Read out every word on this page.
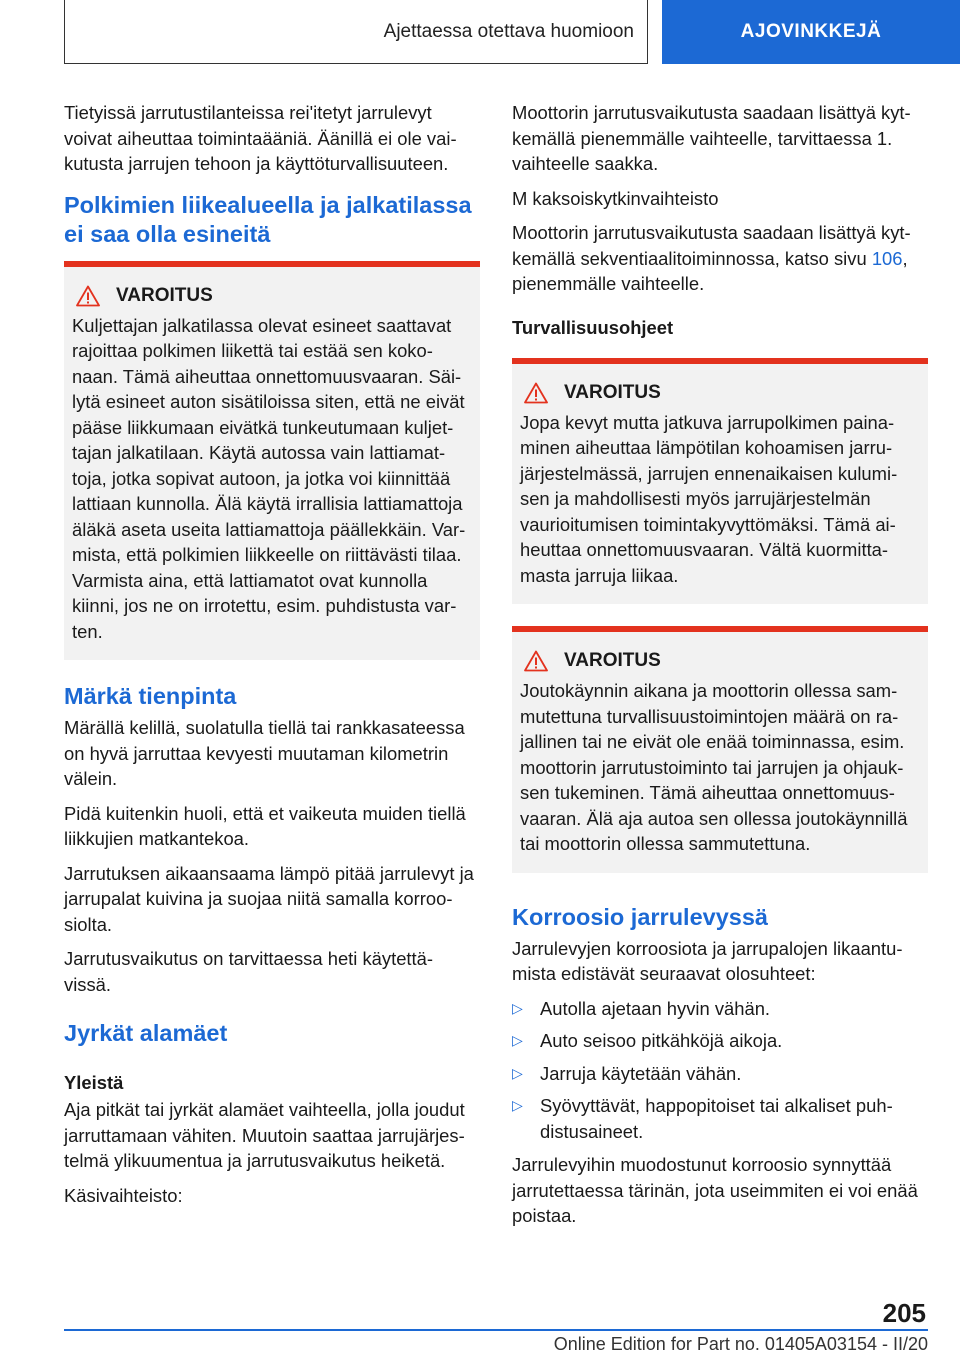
Ajettaessa otettava huomioon	AJOVINKKEJÄ

Tietyissä jarrutustilanteissa rei'itetyt jarrulevyt voivat aiheuttaa toimintaääniä. Äänillä ei ole vai-kutusta jarrujen tehoon ja käyttöturvallisuuteen.

Polkimien liikealueella ja jalkatilassa ei saa olla esineitä
VAROITUS

Kuljettajan jalkatilassa olevat esineet saattavat rajoittaa polkimen liikettä tai estää sen koko-naan. Tämä aiheuttaa onnettomuusvaaran. Säi-lytä esineet auton sisätiloissa siten, että ne eivät pääse liikkumaan eivätkä tunkeutumaan kuljet-tajan jalkatilaan. Käytä autossa vain lattiamat-toja, jotka sopivat autoon, ja jotka voi kiinnittää lattiaan kunnolla. Älä käytä irrallisia lattiamattoja äläkä aseta useita lattiamattoja päällekkäin. Var-mista, että polkimien liikkeelle on riittävästi tilaa. Varmista aina, että lattiamatot ovat kunnolla kiinni, jos ne on irrotettu, esim. puhdistusta var-ten.

Märkä tienpinta

Märällä kelillä, suolatulla tiellä tai rankkasateessa on hyvä jarruttaa kevyesti muutaman kilometrin välein.

Pidä kuitenkin huoli, että et vaikeuta muiden tiellä liikkujien matkantekoa.

Jarrutuksen aikaansaama lämpö pitää jarrulevyt ja jarrupalat kuivina ja suojaa niitä samalla korroo-siolta.

Jarrutusvaikutus on tarvittaessa heti käytettä-vissä.

Jyrkät alamäet
Yleistä

Aja pitkät tai jyrkät alamäet vaihteella, jolla joudut jarruttamaan vähiten. Muutoin saattaa jarrujärjes-telmä ylikuumentua ja jarrutusvaikutus heiketä.

Käsivaihteisto:

Moottorin jarrutusvaikutusta saadaan lisättyä kyt-kemällä pienemmälle vaihteelle, tarvittaessa 1. vaihteelle saakka.

M kaksoiskytkinvaihteisto

Moottorin jarrutusvaikutusta saadaan lisättyä kyt-kemällä sekventiaalitoiminnossa, katso sivu 106, pienemmälle vaihteelle.

Turvallisuusohjeet
VAROITUS

Jopa kevyt mutta jatkuva jarrupolkimen paina-minen aiheuttaa lämpötilan kohoamisen jarru-järjestelmässä, jarrujen ennenaikaisen kulumi-sen ja mahdollisesti myös jarrujärjestelmän vaurioitumisen toimintakyvyttömäksi. Tämä ai-heuttaa onnettomuusvaaran. Vältä kuormitta-masta jarruja liikaa.

VAROITUS

Joutokäynnin aikana ja moottorin ollessa sam-mutettuna turvallisuustoimintojen määrä on ra-jallinen tai ne eivät ole enää toiminnassa, esim. moottorin jarrutustoiminto tai jarrujen ja ohjauk-sen tukeminen. Tämä aiheuttaa onnettomuus-vaaran. Älä aja autoa sen ollessa joutokäynnillä tai moottorin ollessa sammutettuna.

Korroosio jarrulevyssä

Jarrulevyjen korroosiota ja jarrupalojen likaantu-mista edistävät seuraavat olosuhteet:

▷ Autolla ajetaan hyvin vähän.
▷ Auto seisoo pitkähköjä aikoja.
▷ Jarruja käytetään vähän.
▷ Syövyttävät, happopitoiset tai alkaliset puh-distusaineet.

Jarrulevyihin muodostunut korroosio synnyttää jarrutettaessa tärinän, jota useimmiten ei voi enää poistaa.

205
Online Edition for Part no. 01405A03154 - II/20
